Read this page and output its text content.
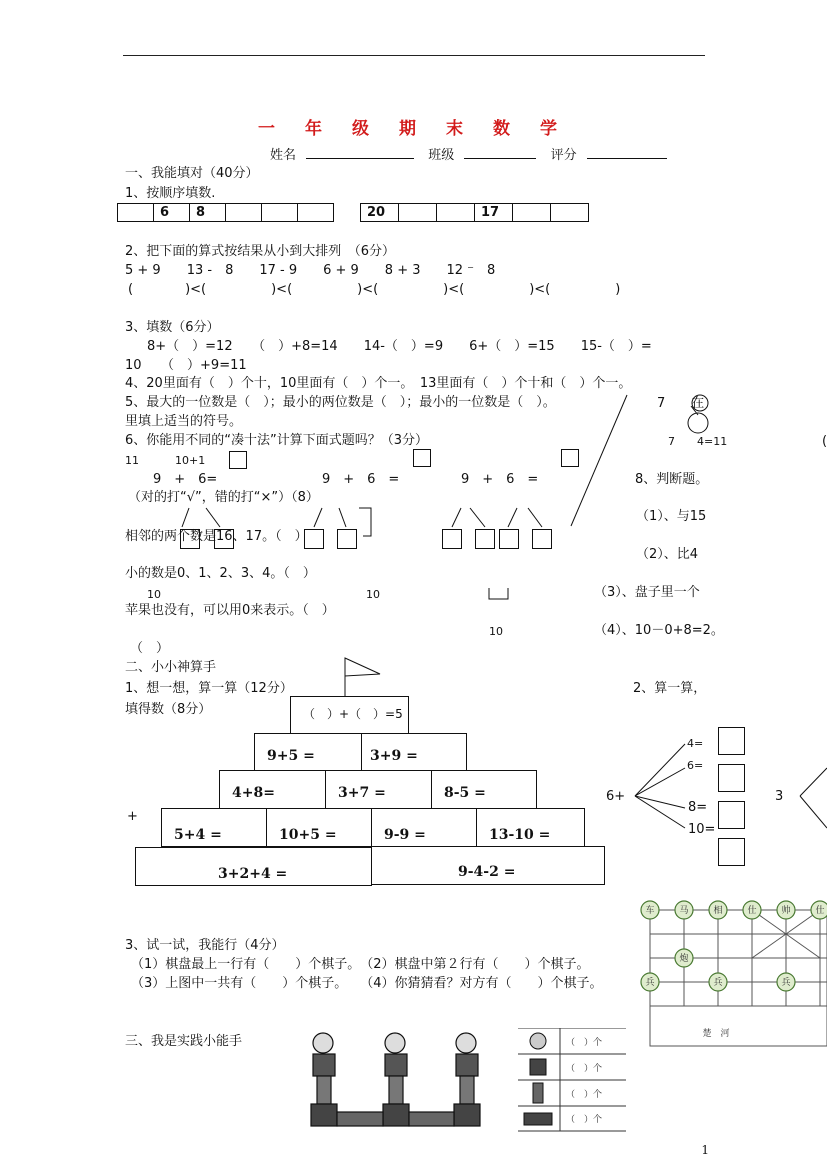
一 年 级 期 末 数 学
姓名	班级	评分
一、我能填对（40分）
1、按顺序填数.
	6	8				20			17		
2、把下面的算式按结果从小到大排列　（6分）
5 + 9　　13 -　8　　17 - 9　　6 + 9　　8 + 3　　12 ⁻　8
(　　　　)<(　　　　　)<(　　　　　)<(　　　　　)<(　　　　　)<(　　　　　)
3、填数（6分）
8+（　）=12　　（　）+8=14　　14-（　）=9　　6+（　）=15　　15-（　）=
10　　（　）+9=11
4、20里面有（　）个十，10里面有（　）个一。　13里面有（　）个十和（　）个一。
5、最大的一位数是（　）；最小的两位数是（　）；最小的一位数是（　）。	7　　在
里填上适当的符号。
6、你能用不同的“凑十法”计算下面式题吗？（3分）	7　　4=11	(
11	10+1
9　+　6=	9　+　6　=	9　+　6　=	8、判断题。
（对的打“√”，错的打“×”）（8）
（1）、与15
相邻的两个数是16、17。（　）
（2）、比4
小的数是0、1、2、3、4。（　）
10	10	（3）、盘子里一个
苹果也没有，可以用0来表示。（　）
10	（4）、10－0+8=2。
（　）
二、小小神算手
1、想一想，算一算（12分）	2、算一算，
填得数（8分）	（　）+（　）=5
9+5 =	3+9 =
4+8=	3+7 =	8-5 =
5+4 =	10+5 =	9-9 =	13-10 =
3+2+4 =	9-4-2 =
+
6+
4=
6=
8=
10=
3
车	马	相	仕	帅	仕
炮
兵	兵	兵
楚　河
3、试一试，我能行（4分）
（1）棋盘最上一行有（　　）个棋子。　（2）棋盘中第２行有（　　）个棋子。
（3）上图中一共有（　　）个棋子。　　（4）你猜猜看？对方有（　　）个棋子。
三、我是实践小能手	（　）个
（　）个
（　）个
（　）个
1
